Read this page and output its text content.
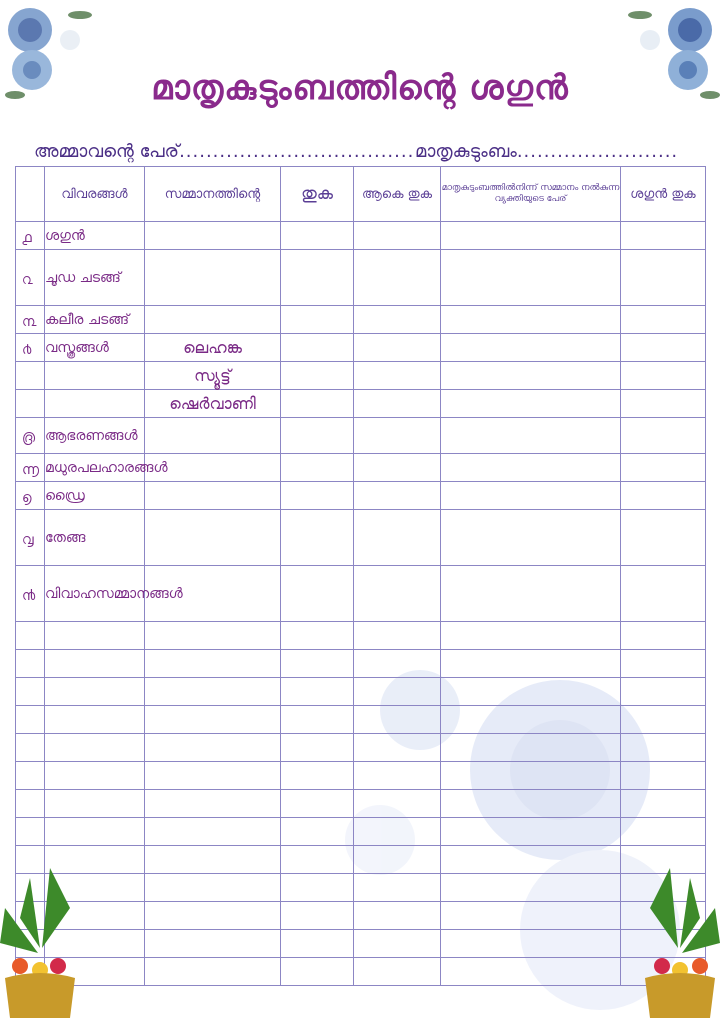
മാതൃകുടുംബത്തിന്റെ ശഗുൻ
അമ്മാവന്റെ പേര്................................... മാതൃകുടുംബം........................
	വിവരങ്ങൾ	സമ്മാനത്തിന്റെ	തുക	ആകെ തുക	മാതൃകുടുംബത്തിൽനിന്ന് സമ്മാനം നൽകുന്ന വ്യക്തിയുടെ പേര്	ശഗുൻ തുക
൧	ശഗുൻ					
൨	ചൂഡ ചടങ്ങ്					
൩	കലീര ചടങ്ങ്					
൪	വസ്ത്രങ്ങൾ	ലെഹങ്ക				
		സ്യൂട്ട്				
		ഷെർവാണി				
൫	ആഭരണങ്ങൾ					
൬	മധുരപലഹാരങ്ങൾ					
൭	ഡ്രൈ					
൮	തേങ്ങ					
൯	വിവാഹസമ്മാനങ്ങൾ					
